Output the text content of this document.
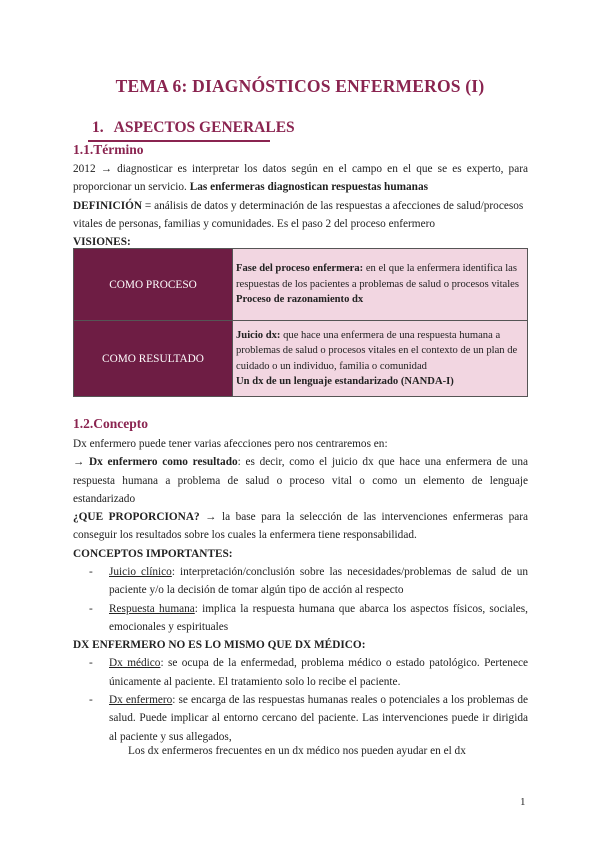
TEMA 6: DIAGNÓSTICOS ENFERMEROS (I)
1. ASPECTOS GENERALES
1.1.Término
2012 → diagnosticar es interpretar los datos según en el campo en el que se es experto, para
proporcionar un servicio. Las enfermeras diagnostican respuestas humanas
DEFINICIÓN = análisis de datos y determinación de las respuestas a afecciones de salud/procesos
vitales de personas, familias y comunidades. Es el paso 2 del proceso enfermero
VISIONES:
COMO PROCESO	Fase del proceso enfermera: en el que la enfermera identifica las respuestas de los pacientes a problemas de salud o procesos vitales
Proceso de razonamiento dx
COMO RESULTADO	Juicio dx: que hace una enfermera de una respuesta humana a problemas de salud o procesos vitales en el contexto de un plan de cuidado o un individuo, familia o comunidad
Un dx de un lenguaje estandarizado (NANDA-I)
1.2.Concepto
Dx enfermero puede tener varias afecciones pero nos centraremos en:
→ Dx enfermero como resultado: es decir, como el juicio dx que hace una enfermera de una
respuesta humana a problema de salud o proceso vital o como un elemento de lenguaje
estandarizado
¿QUE PROPORCIONA? → la base para la selección de las intervenciones enfermeras para
conseguir los resultados sobre los cuales la enfermera tiene responsabilidad.
CONCEPTOS IMPORTANTES:
- Juicio clínico: interpretación/conclusión sobre las necesidades/problemas de salud de un
paciente y/o la decisión de tomar algún tipo de acción al respecto
- Respuesta humana: implica la respuesta humana que abarca los aspectos físicos, sociales,
emocionales y espirituales
DX ENFERMERO NO ES LO MISMO QUE DX MÉDICO:
- Dx médico: se ocupa de la enfermedad, problema médico o estado patológico. Pertenece
únicamente al paciente. El tratamiento solo lo recibe el paciente.
- Dx enfermero: se encarga de las respuestas humanas reales o potenciales a los problemas de
salud. Puede implicar al entorno cercano del paciente. Las intervenciones puede ir dirigida
al paciente y sus allegados,
Los dx enfermeros frecuentes en un dx médico nos pueden ayudar en el dx
1
